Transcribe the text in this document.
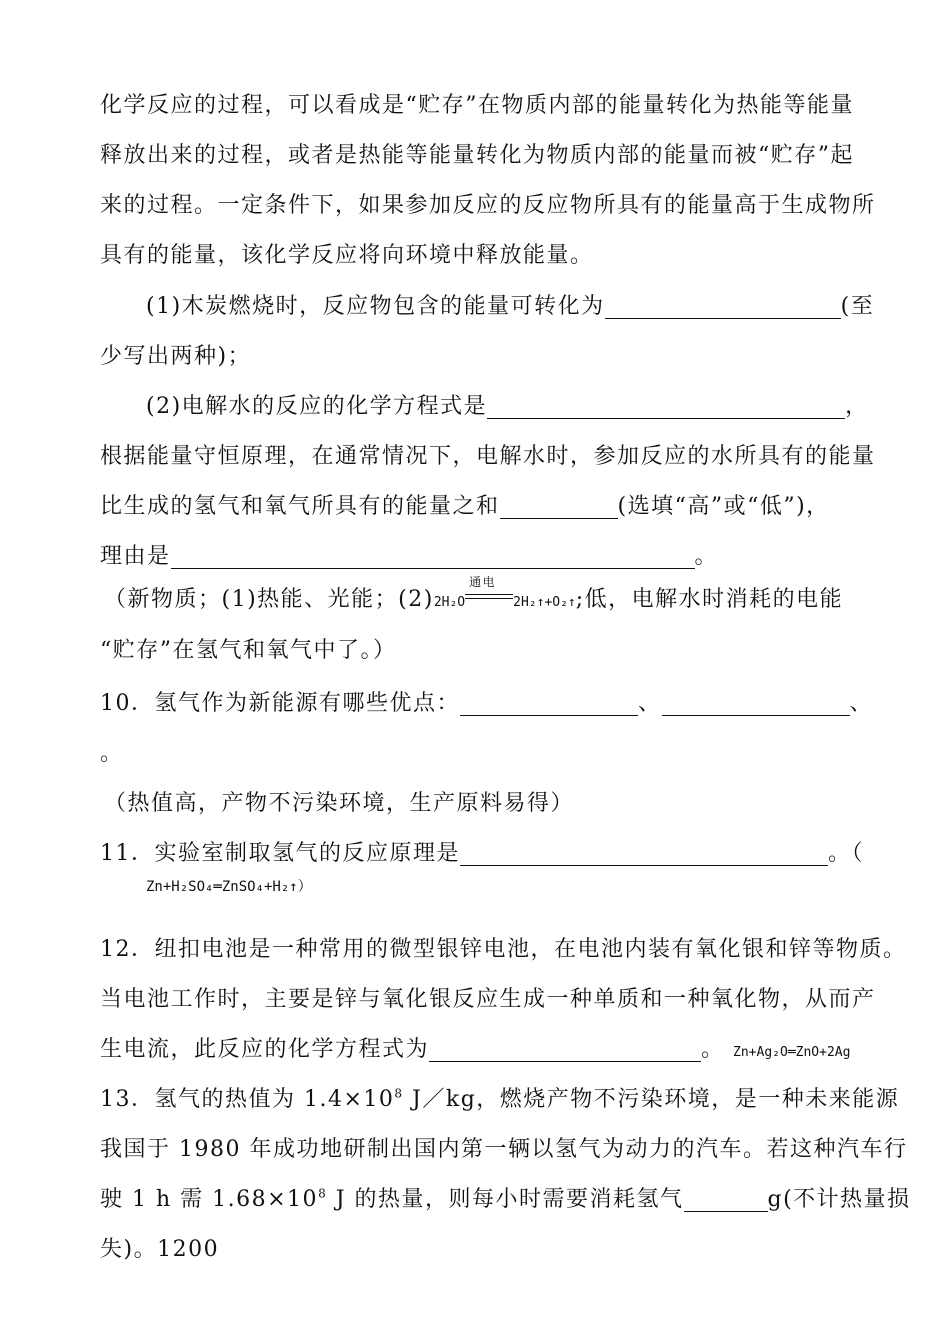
化学反应的过程，可以看成是“贮存”在物质内部的能量转化为热能等能量
释放出来的过程，或者是热能等能量转化为物质内部的能量而被“贮存”起
来的过程。一定条件下，如果参加反应的反应物所具有的能量高于生成物所
具有的能量，该化学反应将向环境中释放能量。
(1)木炭燃烧时，反应物包含的能量可转化为	(至
少写出两种)；
(2)电解水的反应的化学方程式是	，
根据能量守恒原理，在通常情况下，电解水时，参加反应的水所具有的能量
比生成的氢气和氧气所具有的能量之和	(选填“高”或“低”)，
理由是	。
（新物质；(1)热能、光能；(2)2H₂O
通电
2H₂↑+O₂↑;低，电解水时消耗的电能
“贮存”在氢气和氧气中了。）
10．氢气作为新能源有哪些优点：	、	、
。
（热值高，产物不污染环境，生产原料易得）
11．实验室制取氢气的反应原理是	。（
Zn+H₂SO₄═ZnSO₄+H₂↑）
12．纽扣电池是一种常用的微型银锌电池，在电池内装有氧化银和锌等物质。
当电池工作时，主要是锌与氧化银反应生成一种单质和一种氧化物，从而产
生电流，此反应的化学方程式为	。 Zn+Ag₂O═ZnO+2Ag
13．氢气的热值为 $1.4\times 10^8$ J／kg，燃烧产物不污染环境，是一种未来能源
我国于 1980 年成功地研制出国内第一辆以氢气为动力的汽车。若这种汽车行
驶 1 h 需 $1.68\times 10^8$ J 的热量，则每小时需要消耗氢气	g(不计热量损
失)。1200
